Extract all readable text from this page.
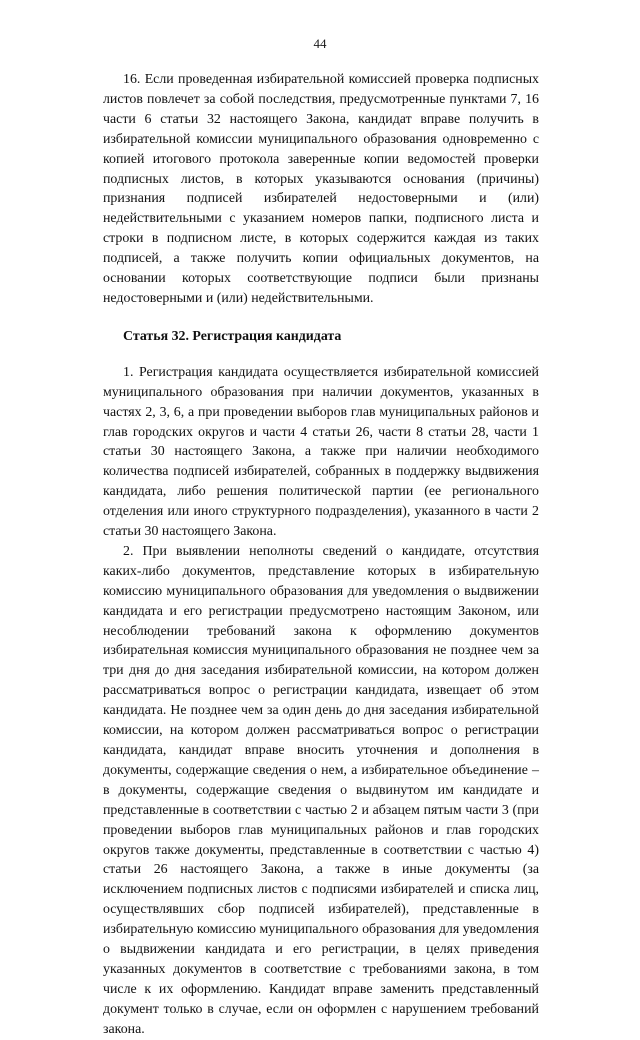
44

16. Если проведенная избирательной комиссией проверка подписных листов повлечет за собой последствия, предусмотренные пунктами 7, 16 части 6 статьи 32 настоящего Закона, кандидат вправе получить в избирательной комиссии муниципального образования одновременно с копией итогового протокола заверенные копии ведомостей проверки подписных листов, в которых указываются основания (причины) признания подписей избирателей недостоверными и (или) недействительными с указанием номеров папки, подписного листа и строки в подписном листе, в которых содержится каждая из таких подписей, а также получить копии официальных документов, на основании которых соответствующие подписи были признаны недостоверными и (или) недействительными.

Статья 32. Регистрация кандидата

1. Регистрация кандидата осуществляется избирательной комиссией муниципального образования при наличии документов, указанных в частях 2, 3, 6, а при проведении выборов глав муниципальных районов и глав городских округов и части 4 статьи 26, части 8 статьи 28, части 1 статьи 30 настоящего Закона, а также при наличии необходимого количества подписей избирателей, собранных в поддержку выдвижения кандидата, либо решения политической партии (ее регионального отделения или иного структурного подразделения), указанного в части 2 статьи 30 настоящего Закона.

2. При выявлении неполноты сведений о кандидате, отсутствия каких-либо документов, представление которых в избирательную комиссию муниципального образования для уведомления о выдвижении кандидата и его регистрации предусмотрено настоящим Законом, или несоблюдении требований закона к оформлению документов избирательная комиссия муниципального образования не позднее чем за три дня до дня заседания избирательной комиссии, на котором должен рассматриваться вопрос о регистрации кандидата, извещает об этом кандидата. Не позднее чем за один день до дня заседания избирательной комиссии, на котором должен рассматриваться вопрос о регистрации кандидата, кандидат вправе вносить уточнения и дополнения в документы, содержащие сведения о нем, а избирательное объединение – в документы, содержащие сведения о выдвинутом им кандидате и представленные в соответствии с частью 2 и абзацем пятым части 3 (при проведении выборов глав муниципальных районов и глав городских округов также документы, представленные в соответствии с частью 4) статьи 26 настоящего Закона, а также в иные документы (за исключением подписных листов с подписями избирателей и списка лиц, осуществлявших сбор подписей избирателей), представленные в избирательную комиссию муниципального образования для уведомления о выдвижении кандидата и его регистрации, в целях приведения указанных документов в соответствие с требованиями закона, в том числе к их оформлению. Кандидат вправе заменить представленный документ только в случае, если он оформлен с нарушением требований закона.
